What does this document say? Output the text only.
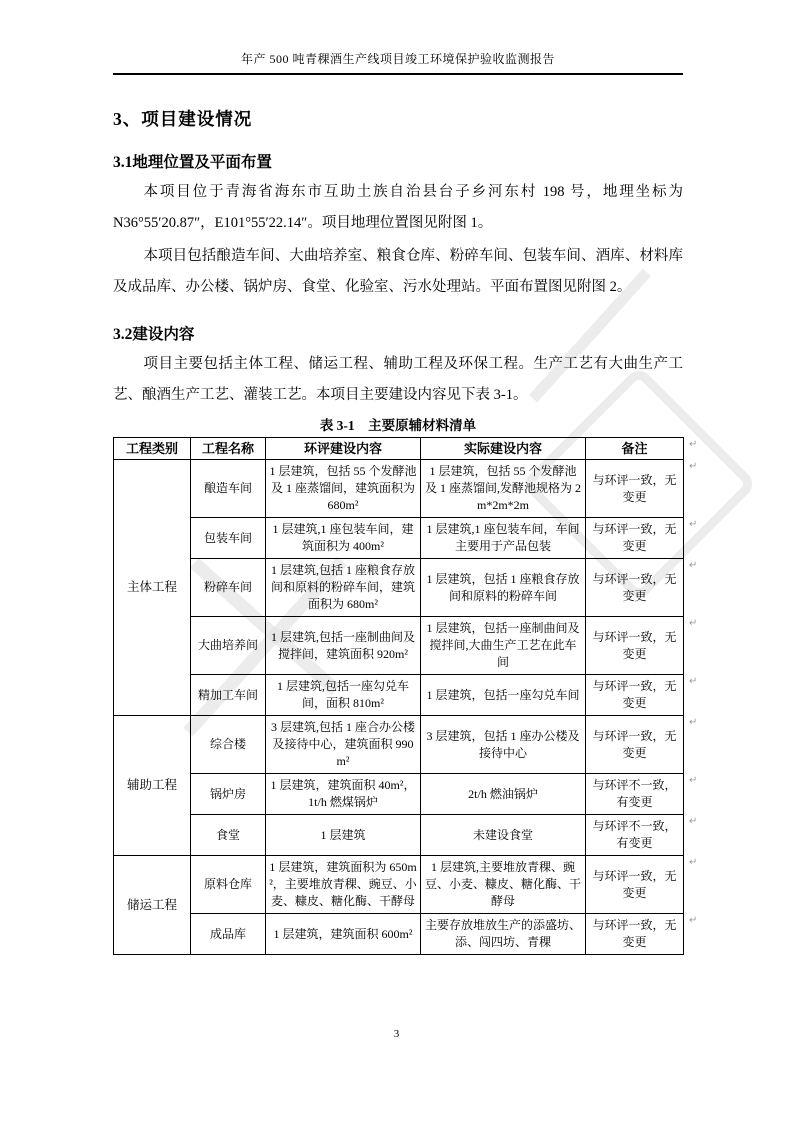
年产 500 吨青稞酒生产线项目竣工环境保护验收监测报告
3、项目建设情况
3.1地理位置及平面布置

本项目位于青海省海东市互助土族自治县台子乡河东村 198 号，地理坐标为 N36°55′20.87″，E101°55′22.14″。项目地理位置图见附图 1。

本项目包括酿造车间、大曲培养室、粮食仓库、粉碎车间、包装车间、酒库、材料库及成品库、办公楼、锅炉房、食堂、化验室、污水处理站。平面布置图见附图 2。

3.2建设内容

项目主要包括主体工程、储运工程、辅助工程及环保工程。生产工艺有大曲生产工艺、酿酒生产工艺、灌装工艺。本项目主要建设内容见下表 3-1。

表 3-1　主要原辅材料清单
工程类别	工程名称	环评建设内容	实际建设内容	备注
主体工程	酿造车间	1 层建筑，包括 55 个发酵池及 1 座蒸馏间，建筑面积为 680m²	1 层建筑，包括 55 个发酵池及 1 座蒸馏间,发酵池规格为 2m*2m*2m	与环评一致，无变更
	包装车间	1 层建筑,1 座包装车间，建筑面积为 400m²	1 层建筑,1 座包装车间，车间主要用于产品包装	与环评一致，无变更
	粉碎车间	1 层建筑,包括 1 座粮食存放间和原料的粉碎车间，建筑面积为 680m²	1 层建筑，包括 1 座粮食存放间和原料的粉碎车间	与环评一致，无变更
	大曲培养间	1 层建筑,包括一座制曲间及搅拌间，建筑面积 920m²	1 层建筑，包括一座制曲间及搅拌间,大曲生产工艺在此车间	与环评一致，无变更
	精加工车间	1 层建筑,包括一座勾兑车间，面积 810m²	1 层建筑，包括一座勾兑车间	与环评一致，无变更
辅助工程	综合楼	3 层建筑,包括 1 座合办公楼及接待中心，建筑面积 990m²	3 层建筑，包括 1 座办公楼及接待中心	与环评一致，无变更
	锅炉房	1 层建筑，建筑面积 40m²，1t/h 燃煤锅炉	2t/h 燃油锅炉	与环评不一致，有变更
	食堂	1 层建筑	未建设食堂	与环评不一致，有变更
储运工程	原料仓库	1 层建筑，建筑面积为 650m²，主要堆放青稞、豌豆、小麦、糠皮、糖化酶、干酵母	1 层建筑,主要堆放青稞、豌豆、小麦、糠皮、糖化酶、干酵母	与环评一致，无变更
	成品库	1 层建筑，建筑面积 600m²	主要存放堆放生产的添盛坊、添、闯四坊、青稞	与环评一致，无变更
↵
↵
↵
↵
↵
↵
↵
↵
↵
↵
↵
3
